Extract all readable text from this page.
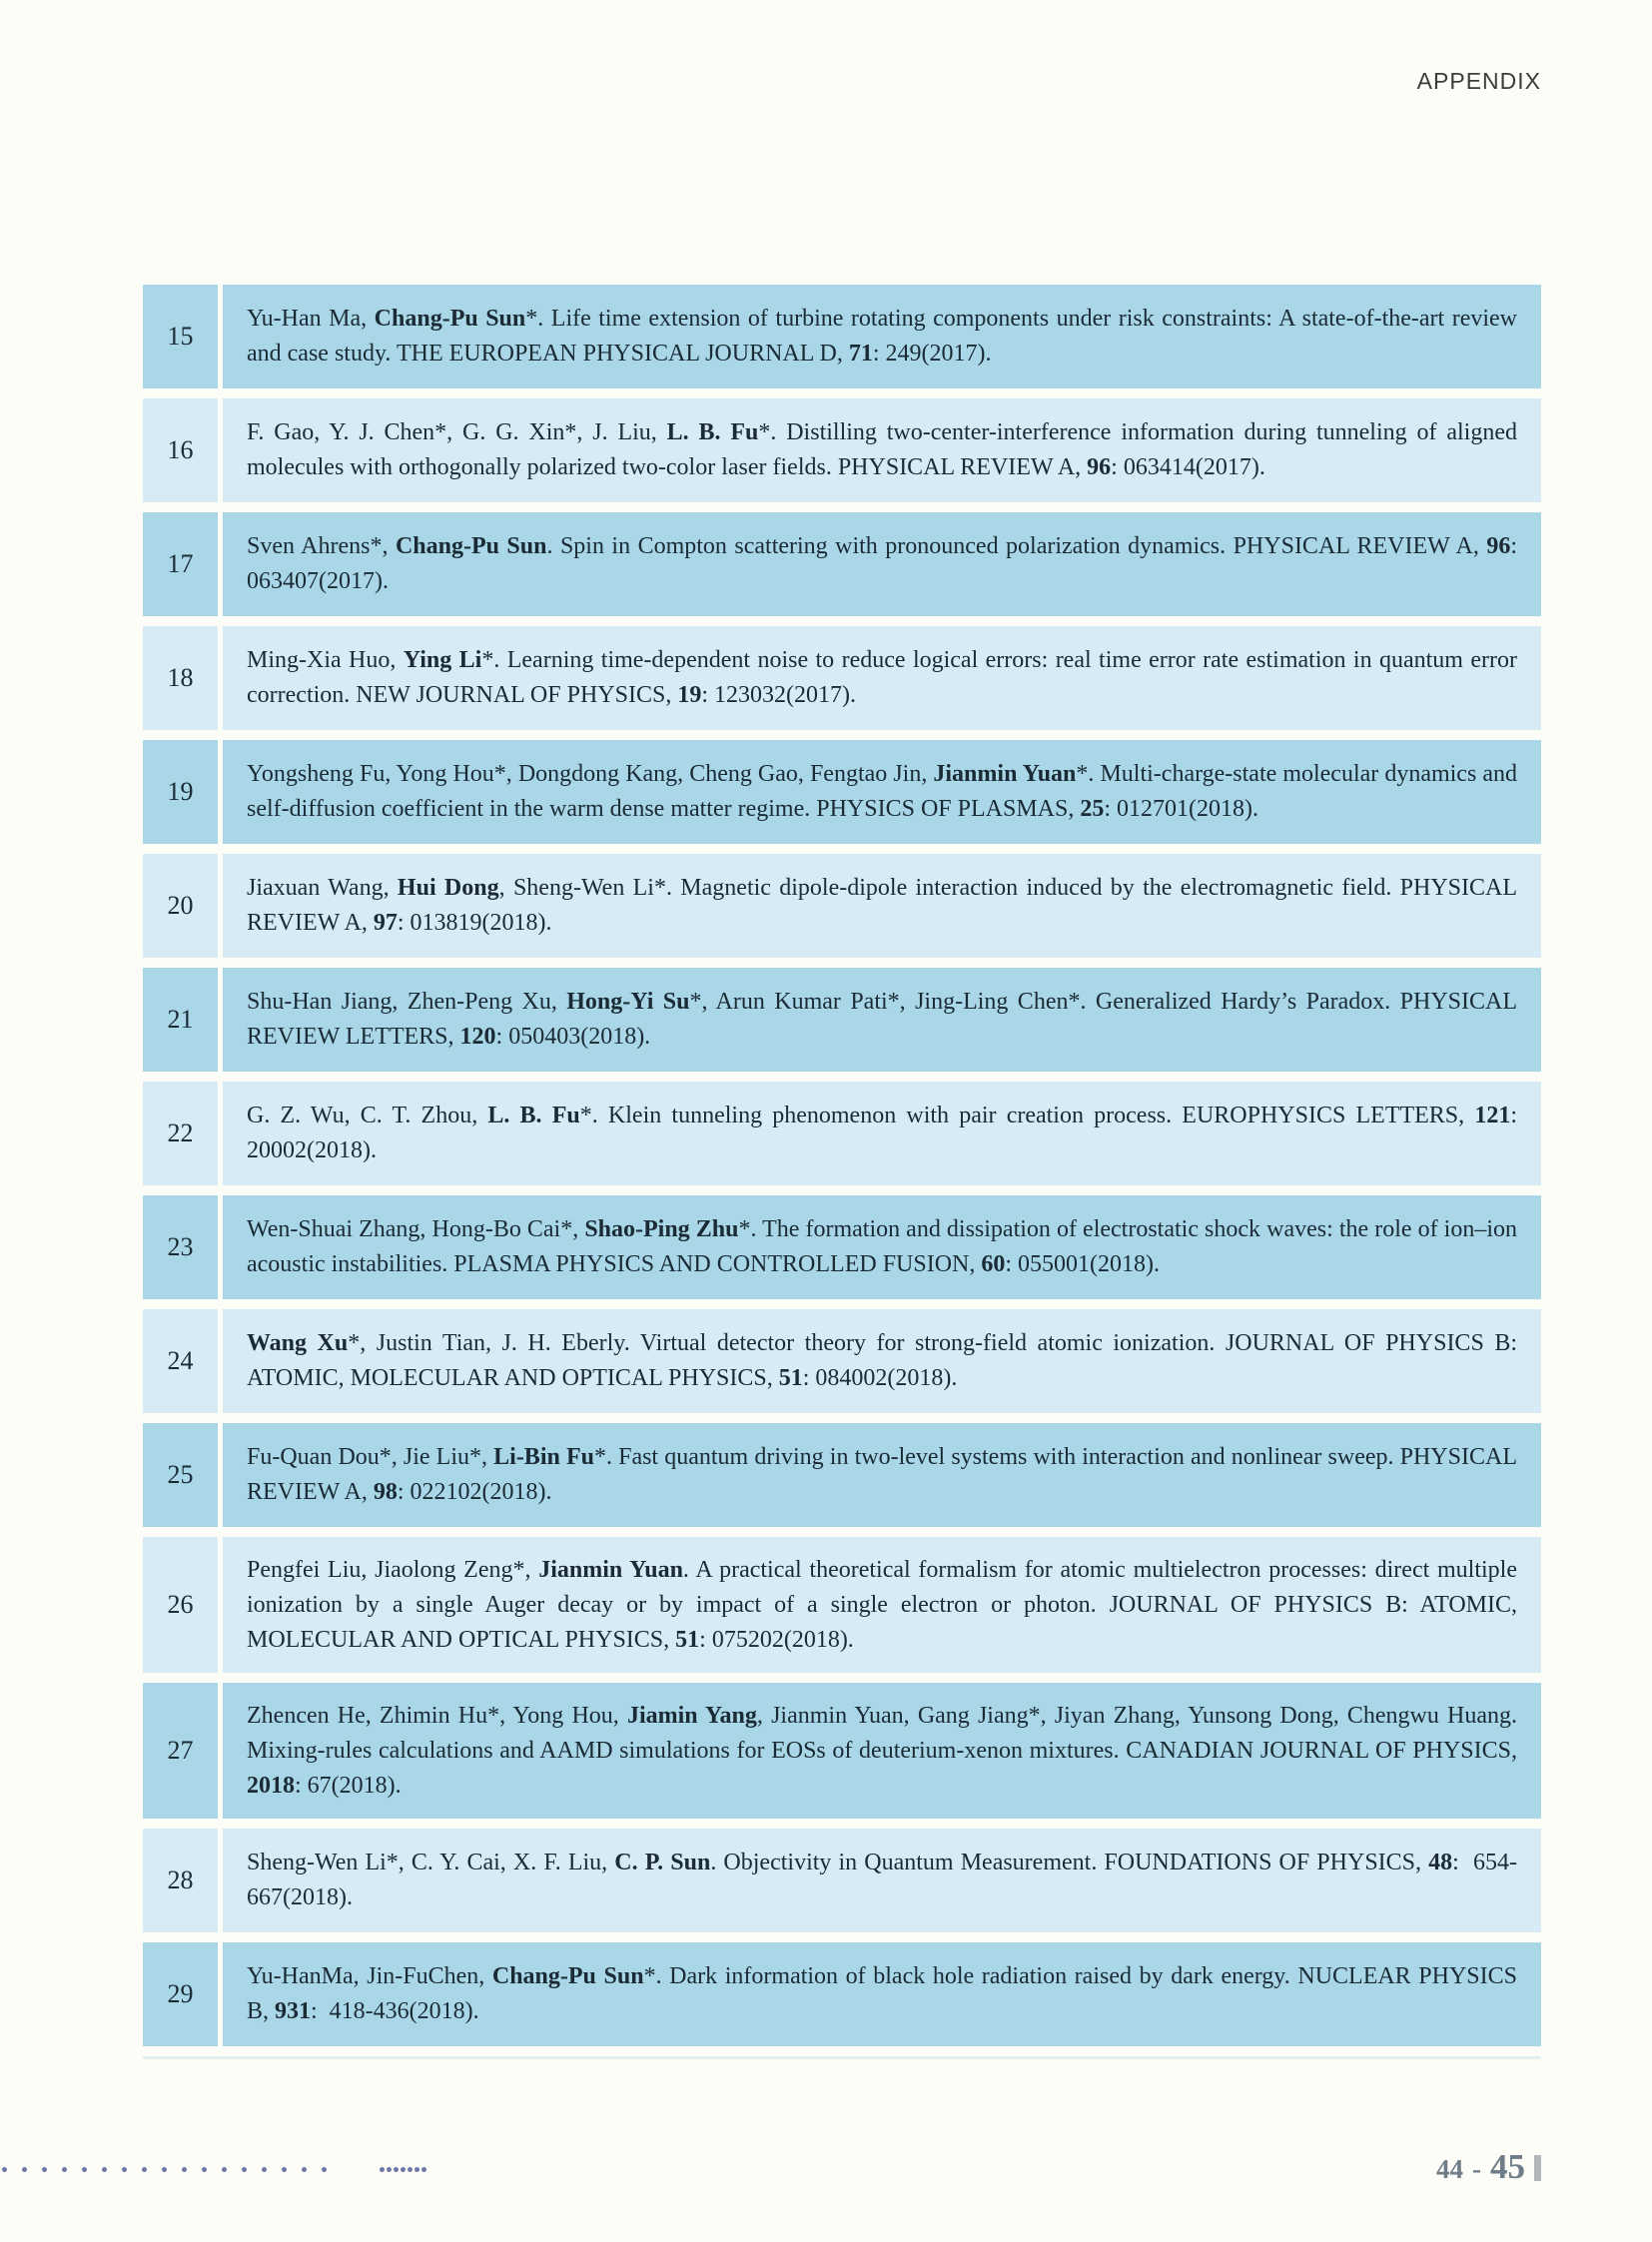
APPENDIX
15

Yu-Han Ma, Chang-Pu Sun*. Life time extension of turbine rotating components under risk constraints: A state-of-the-art review and case study. THE EUROPEAN PHYSICAL JOURNAL D, 71: 249(2017).

16

F. Gao, Y. J. Chen*, G. G. Xin*, J. Liu, L. B. Fu*. Distilling two-center-interference information during tunneling of aligned molecules with orthogonally polarized two-color laser fields. PHYSICAL REVIEW A, 96: 063414(2017).

17

Sven Ahrens*, Chang-Pu Sun. Spin in Compton scattering with pronounced polarization dynamics. PHYSICAL REVIEW A, 96: 063407(2017).

18

Ming-Xia Huo, Ying Li*. Learning time-dependent noise to reduce logical errors: real time error rate estimation in quantum error correction. NEW JOURNAL OF PHYSICS, 19: 123032(2017).

19

Yongsheng Fu, Yong Hou*, Dongdong Kang, Cheng Gao, Fengtao Jin, Jianmin Yuan*. Multi-charge-state molecular dynamics and self-diffusion coefficient in the warm dense matter regime. PHYSICS OF PLASMAS, 25: 012701(2018).

20

Jiaxuan Wang, Hui Dong, Sheng-Wen Li*. Magnetic dipole-dipole interaction induced by the electromagnetic field. PHYSICAL REVIEW A, 97: 013819(2018).

21

Shu-Han Jiang, Zhen-Peng Xu, Hong-Yi Su*, Arun Kumar Pati*, Jing-Ling Chen*. Generalized Hardy’s Paradox. PHYSICAL REVIEW LETTERS, 120: 050403(2018).

22

G. Z. Wu, C. T. Zhou, L. B. Fu*. Klein tunneling phenomenon with pair creation process. EUROPHYSICS LETTERS, 121: 20002(2018).

23

Wen-Shuai Zhang, Hong-Bo Cai*, Shao-Ping Zhu*. The formation and dissipation of electrostatic shock waves: the role of ion–ion acoustic instabilities. PLASMA PHYSICS AND CONTROLLED FUSION, 60: 055001(2018).

24

Wang Xu*, Justin Tian, J. H. Eberly. Virtual detector theory for strong-field atomic ionization. JOURNAL OF PHYSICS B: ATOMIC, MOLECULAR AND OPTICAL PHYSICS, 51: 084002(2018).

25

Fu-Quan Dou*, Jie Liu*, Li-Bin Fu*. Fast quantum driving in two-level systems with interaction and nonlinear sweep. PHYSICAL REVIEW A, 98: 022102(2018).

26

Pengfei Liu, Jiaolong Zeng*, Jianmin Yuan. A practical theoretical formalism for atomic multielectron processes: direct multiple ionization by a single Auger decay or by impact of a single electron or photon. JOURNAL OF PHYSICS B: ATOMIC, MOLECULAR AND OPTICAL PHYSICS, 51: 075202(2018).

27

Zhencen He, Zhimin Hu*, Yong Hou, Jiamin Yang, Jianmin Yuan, Gang Jiang*, Jiyan Zhang, Yunsong Dong, Chengwu Huang. Mixing-rules calculations and AAMD simulations for EOSs of deuterium-xenon mixtures. CANADIAN JOURNAL OF PHYSICS, 2018: 67(2018).

28

Sheng-Wen Li*, C. Y. Cai, X. F. Liu, C. P. Sun. Objectivity in Quantum Measurement. FOUNDATIONS OF PHYSICS, 48:  654-667(2018).

29

Yu-HanMa, Jin-FuChen, Chang-Pu Sun*. Dark information of black hole radiation raised by dark energy. NUCLEAR PHYSICS B, 931:  418-436(2018).

44 - 45
